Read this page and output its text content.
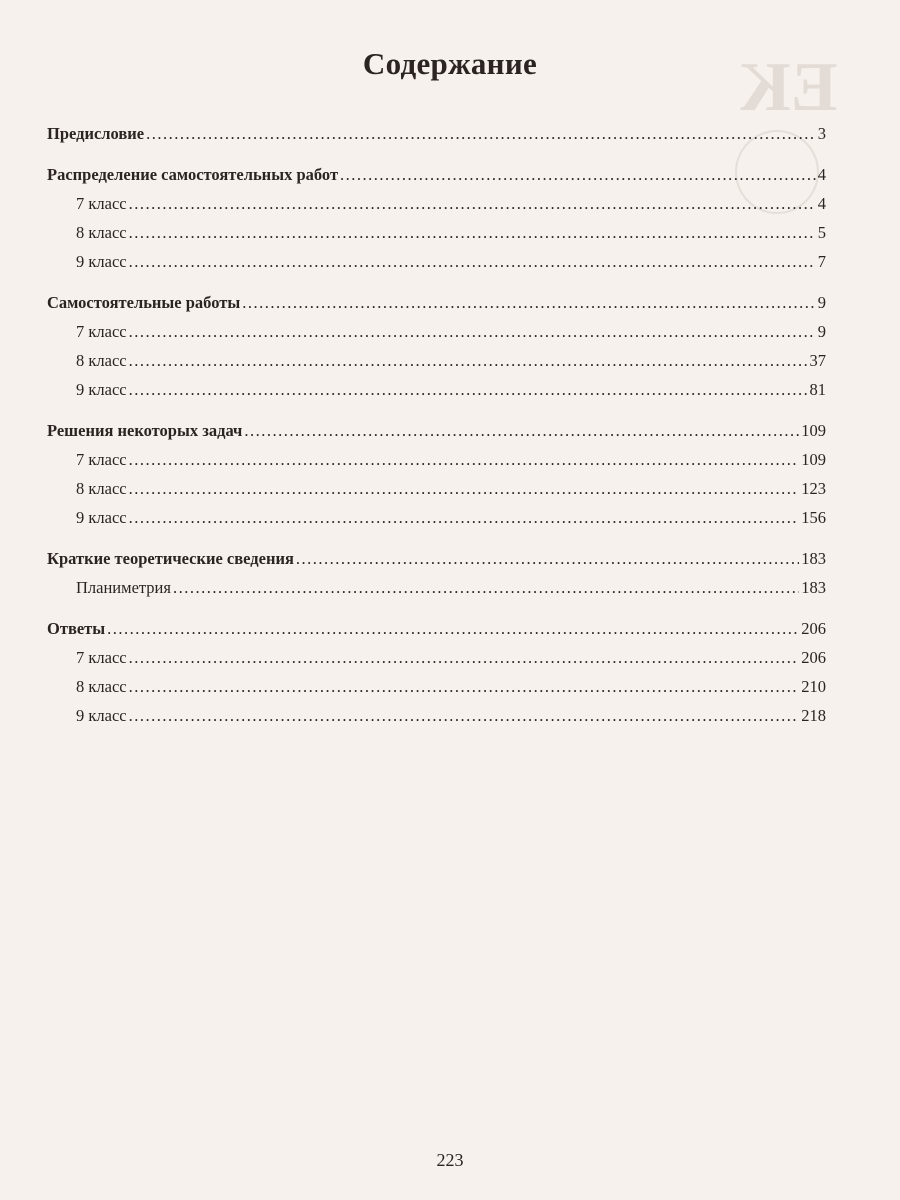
ЕК
Содержание
Предисловие .....	3
Распределение самостоятельных работ .....	4
7 класс .....	4
8 класс .....	5
9 класс .....	7
Самостоятельные работы .....	9
7 класс .....	9
8 класс .....	37
9 класс .....	81
Решения некоторых задач .....	109
7 класс .....	109
8 класс .....	123
9 класс .....	156
Краткие теоретические сведения .....	183
Планиметрия .....	183
Ответы .....	206
7 класс .....	206
8 класс .....	210
9 класс .....	218
223
